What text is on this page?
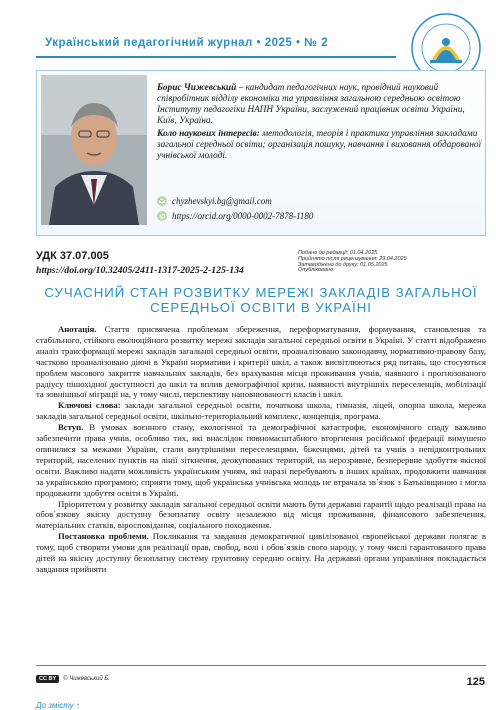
Український педагогічний журнал • 2025 • № 2
Борис Чижевський – кандидат педагогічних наук, провідний науковий співробітник відділу економіки та управління загальною середньою освітою Інституту педагогіки НАПН України, заслужений працівник освіти України, Київ, Україна.
Коло наукових інтересів: методологія, теорія і практика управління закладами загальної середньої освіти; організація пошуку, навчання і виховання обдарованої учнівської молоді.
chyzhevskyi.bg@gmail.com
iD https://orcid.org/0000-0002-7878-1180
УДК 37.07.005
https://doi.org/10.32405/2411-1317-2025-2-125-134
Подано до редакції: 01.04.2025
Прийнято після рецензування: 29.04.2025
Затверджено до друку: 01.05.2025
Опубліковано:
СУЧАСНИЙ СТАН РОЗВИТКУ МЕРЕЖІ ЗАКЛАДІВ ЗАГАЛЬНОЇ СЕРЕДНЬОЇ ОСВІТИ В УКРАЇНІ

Анотація. Стаття присвячена проблемам збереження, переформатування, формування, становлення та стабільного, стійкого еволюційного розвитку мережі закладів загальної середньої освіти в Україні. У статті відображено аналіз трансформації мережі закладів загальної середньої освіти, проаналізовано законодавчу, нормативно-правову базу, частково проаналізовано діючі в Україні нормативи і критерії шкіл, а також висвітлюються ряд питань, що стосуються проблем масового закриття навчальних закладів, без врахування місця проживання учнів, наявного і прогнозованого радіусу пішохідної доступності до шкіл та вплив демографічної кризи, наявності внутрішніх переселенців, мобілізації та зовнішньої міграції на, у тому числі, перспективу наповнюваності класів і шкіл.

Ключові слова: заклади загальної середньої освіти, початкова школа, гімназія, ліцей, опорна школа, мережа закладів загальної середньої освіти, шкільно-територіальний комплекс, концепція, програма.

Вступ. В умовах воєнного стану, екологічної та демографічної катастрофи, економічного спаду важливо забезпечити права учнів, особливо тих, які внаслідок повномасштабного вторгнення російської федерації вимушено опинилися за межами України, стали внутрішніми переселенцями, біженцями, дітей та учнів з непідконтрольних територій, населених пунктів на лінії зіткнення, деокупованих територій, на нерозривне, безперервне здобуття якісної освіти. Важливо надати можливість українським учням, які наразі перебувають в інших країнах, продовжити навчання за українською програмою; сприяти тому, щоб українська учнівська молодь не втрачала зв᾿язок з Батьківщиною і могла продовжити здобуття освіти в Україні.

Пріоритетом у розвитку закладів загальної середньої освіти мають бути державні гарантії щодо реалізації права на обов᾿язкову якісну доступну безоплатну освіту незалежно від місця проживання, фінансового забезпечення, матеріальних статків, віросповідання, соціального походження.

Постановка проблеми. Покликання та завдання демократичної цивілізованої європейської держави полягає в тому, щоб створити умови для реалізації прав, свобод, волі і обов᾿язків свого народу, у тому числі гарантованого права дітей на якісну доступну безоплатну систему грунтовну середню освіту. На державні органи управління покладається завдання прийняти

CC BY	© Чижевський Б.	125
До змісту ↑
